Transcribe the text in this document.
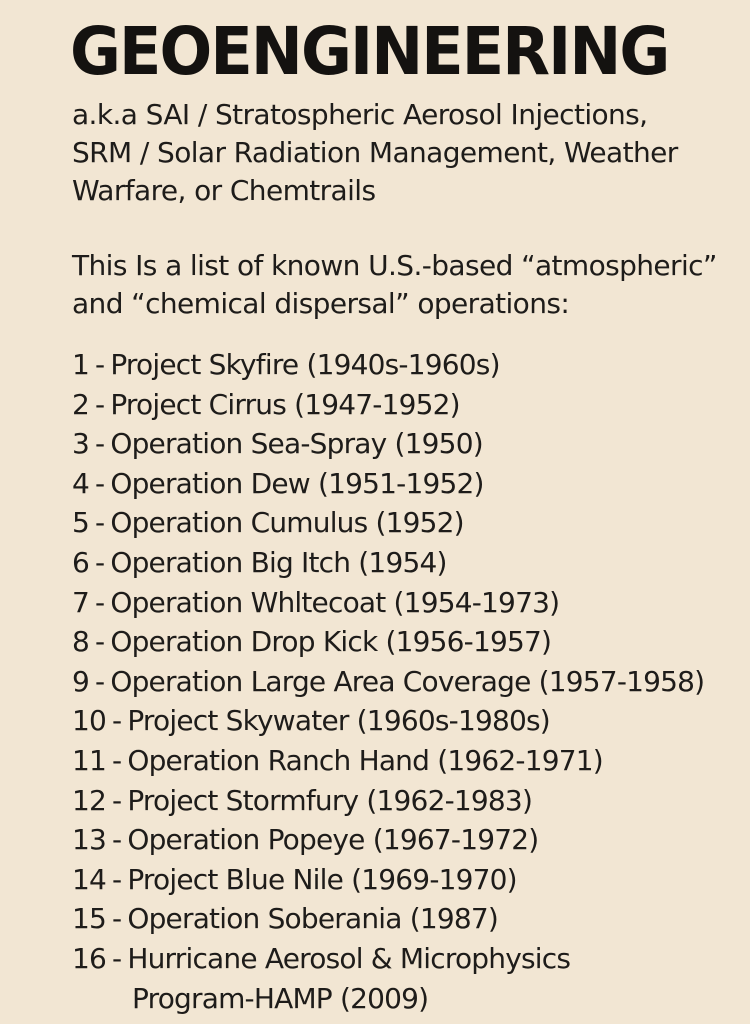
GEOENGINEERING
a.k.a SAI / Stratospheric Aerosol Injections,
SRM / Solar Radiation Management, Weather
Warfare, or Chemtrails
This Is a list of known U.S.-based “atmospheric”
and “chemical dispersal” operations:
1 - Project Skyfire (1940s-1960s)
2 - Project Cirrus (1947-1952)
3 - Operation Sea-Spray (1950)
4 - Operation Dew (1951-1952)
5 - Operation Cumulus (1952)
6 - Operation Big Itch (1954)
7 - Operation Whltecoat (1954-1973)
8 - Operation Drop Kick (1956-1957)
9 - Operation Large Area Coverage (1957-1958)
10 - Project Skywater (1960s-1980s)
11 - Operation Ranch Hand (1962-1971)
12 - Project Stormfury (1962-1983)
13 - Operation Popeye (1967-1972)
14 - Project Blue Nile (1969-1970)
15 - Operation Soberania (1987)
16 - Hurricane Aerosol & Microphysics
Program-HAMP (2009)
